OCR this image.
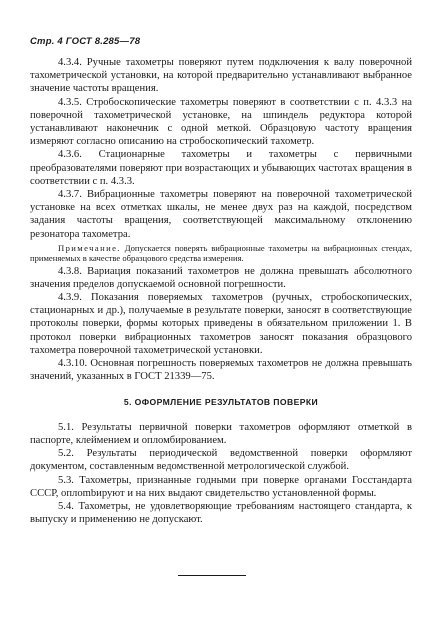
Стр. 4 ГОСТ 8.285—78

4.3.4. Ручные тахометры поверяют путем подключения к валу поверочной тахометрической установки, на которой предварительно устанавливают выбранное значение частоты вращения.

4.3.5. Стробоскопические тахометры поверяют в соответствии с п. 4.3.3 на поверочной тахометрической установке, на шпиндель редуктора которой устанавливают наконечник с одной меткой. Образцовую частоту вращения измеряют согласно описанию на стробоскопический тахометр.

4.3.6. Стационарные тахометры и тахометры с первичными преобразователями поверяют при возрастающих и убывающих частотах вращения в соответствии с п. 4.3.3.

4.3.7. Вибрационные тахометры поверяют на поверочной тахометрической установке на всех отметках шкалы, не менее двух раз на каждой, посредством задания частоты вращения, соответствующей максимальному отклонению резонатора тахометра.

Примечание. Допускается поверять вибрационные тахометры на вибрационных стендах, применяемых в качестве образцового средства измерения.

4.3.8. Вариация показаний тахометров не должна превышать абсолютного значения пределов допускаемой основной погрешности.

4.3.9. Показания поверяемых тахометров (ручных, стробоскопических, стационарных и др.), получаемые в результате поверки, заносят в соответствующие протоколы поверки, формы которых приведены в обязательном приложении 1. В протокол поверки вибрационных тахометров заносят показания образцового тахометра поверочной тахометрической установки.

4.3.10. Основная погрешность поверяемых тахометров не должна превышать значений, указанных в ГОСТ 21339—75.

5. ОФОРМЛЕНИЕ РЕЗУЛЬТАТОВ ПОВЕРКИ

5.1. Результаты первичной поверки тахометров оформляют отметкой в паспорте, клеймением и опломбированием.

5.2. Результаты периодической ведомственной поверки оформляют документом, составленным ведомственной метрологической службой.

5.3. Тахометры, признанные годными при поверке органами Госстандарта СССР, оплombируют и на них выдают свидетельство установленной формы.

5.4. Тахометры, не удовлетворяющие требованиям настоящего стандарта, к выпуску и применению не допускают.
